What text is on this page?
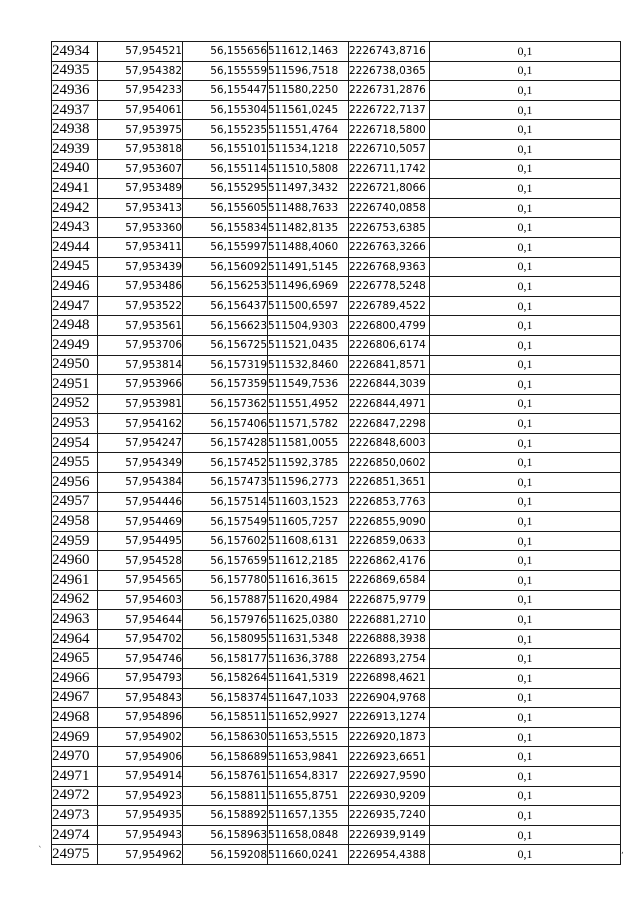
24934	57,954521	56,155656	511612,1463	2226743,8716	0,1
24935	57,954382	56,155559	511596,7518	2226738,0365	0,1
24936	57,954233	56,155447	511580,2250	2226731,2876	0,1
24937	57,954061	56,155304	511561,0245	2226722,7137	0,1
24938	57,953975	56,155235	511551,4764	2226718,5800	0,1
24939	57,953818	56,155101	511534,1218	2226710,5057	0,1
24940	57,953607	56,155114	511510,5808	2226711,1742	0,1
24941	57,953489	56,155295	511497,3432	2226721,8066	0,1
24942	57,953413	56,155605	511488,7633	2226740,0858	0,1
24943	57,953360	56,155834	511482,8135	2226753,6385	0,1
24944	57,953411	56,155997	511488,4060	2226763,3266	0,1
24945	57,953439	56,156092	511491,5145	2226768,9363	0,1
24946	57,953486	56,156253	511496,6969	2226778,5248	0,1
24947	57,953522	56,156437	511500,6597	2226789,4522	0,1
24948	57,953561	56,156623	511504,9303	2226800,4799	0,1
24949	57,953706	56,156725	511521,0435	2226806,6174	0,1
24950	57,953814	56,157319	511532,8460	2226841,8571	0,1
24951	57,953966	56,157359	511549,7536	2226844,3039	0,1
24952	57,953981	56,157362	511551,4952	2226844,4971	0,1
24953	57,954162	56,157406	511571,5782	2226847,2298	0,1
24954	57,954247	56,157428	511581,0055	2226848,6003	0,1
24955	57,954349	56,157452	511592,3785	2226850,0602	0,1
24956	57,954384	56,157473	511596,2773	2226851,3651	0,1
24957	57,954446	56,157514	511603,1523	2226853,7763	0,1
24958	57,954469	56,157549	511605,7257	2226855,9090	0,1
24959	57,954495	56,157602	511608,6131	2226859,0633	0,1
24960	57,954528	56,157659	511612,2185	2226862,4176	0,1
24961	57,954565	56,157780	511616,3615	2226869,6584	0,1
24962	57,954603	56,157887	511620,4984	2226875,9779	0,1
24963	57,954644	56,157976	511625,0380	2226881,2710	0,1
24964	57,954702	56,158095	511631,5348	2226888,3938	0,1
24965	57,954746	56,158177	511636,3788	2226893,2754	0,1
24966	57,954793	56,158264	511641,5319	2226898,4621	0,1
24967	57,954843	56,158374	511647,1033	2226904,9768	0,1
24968	57,954896	56,158511	511652,9927	2226913,1274	0,1
24969	57,954902	56,158630	511653,5515	2226920,1873	0,1
24970	57,954906	56,158689	511653,9841	2226923,6651	0,1
24971	57,954914	56,158761	511654,8317	2226927,9590	0,1
24972	57,954923	56,158811	511655,8751	2226930,9209	0,1
24973	57,954935	56,158892	511657,1355	2226935,7240	0,1
24974	57,954943	56,158963	511658,0848	2226939,9149	0,1
24975	57,954962	56,159208	511660,0241	2226954,4388	0,1
`	,
